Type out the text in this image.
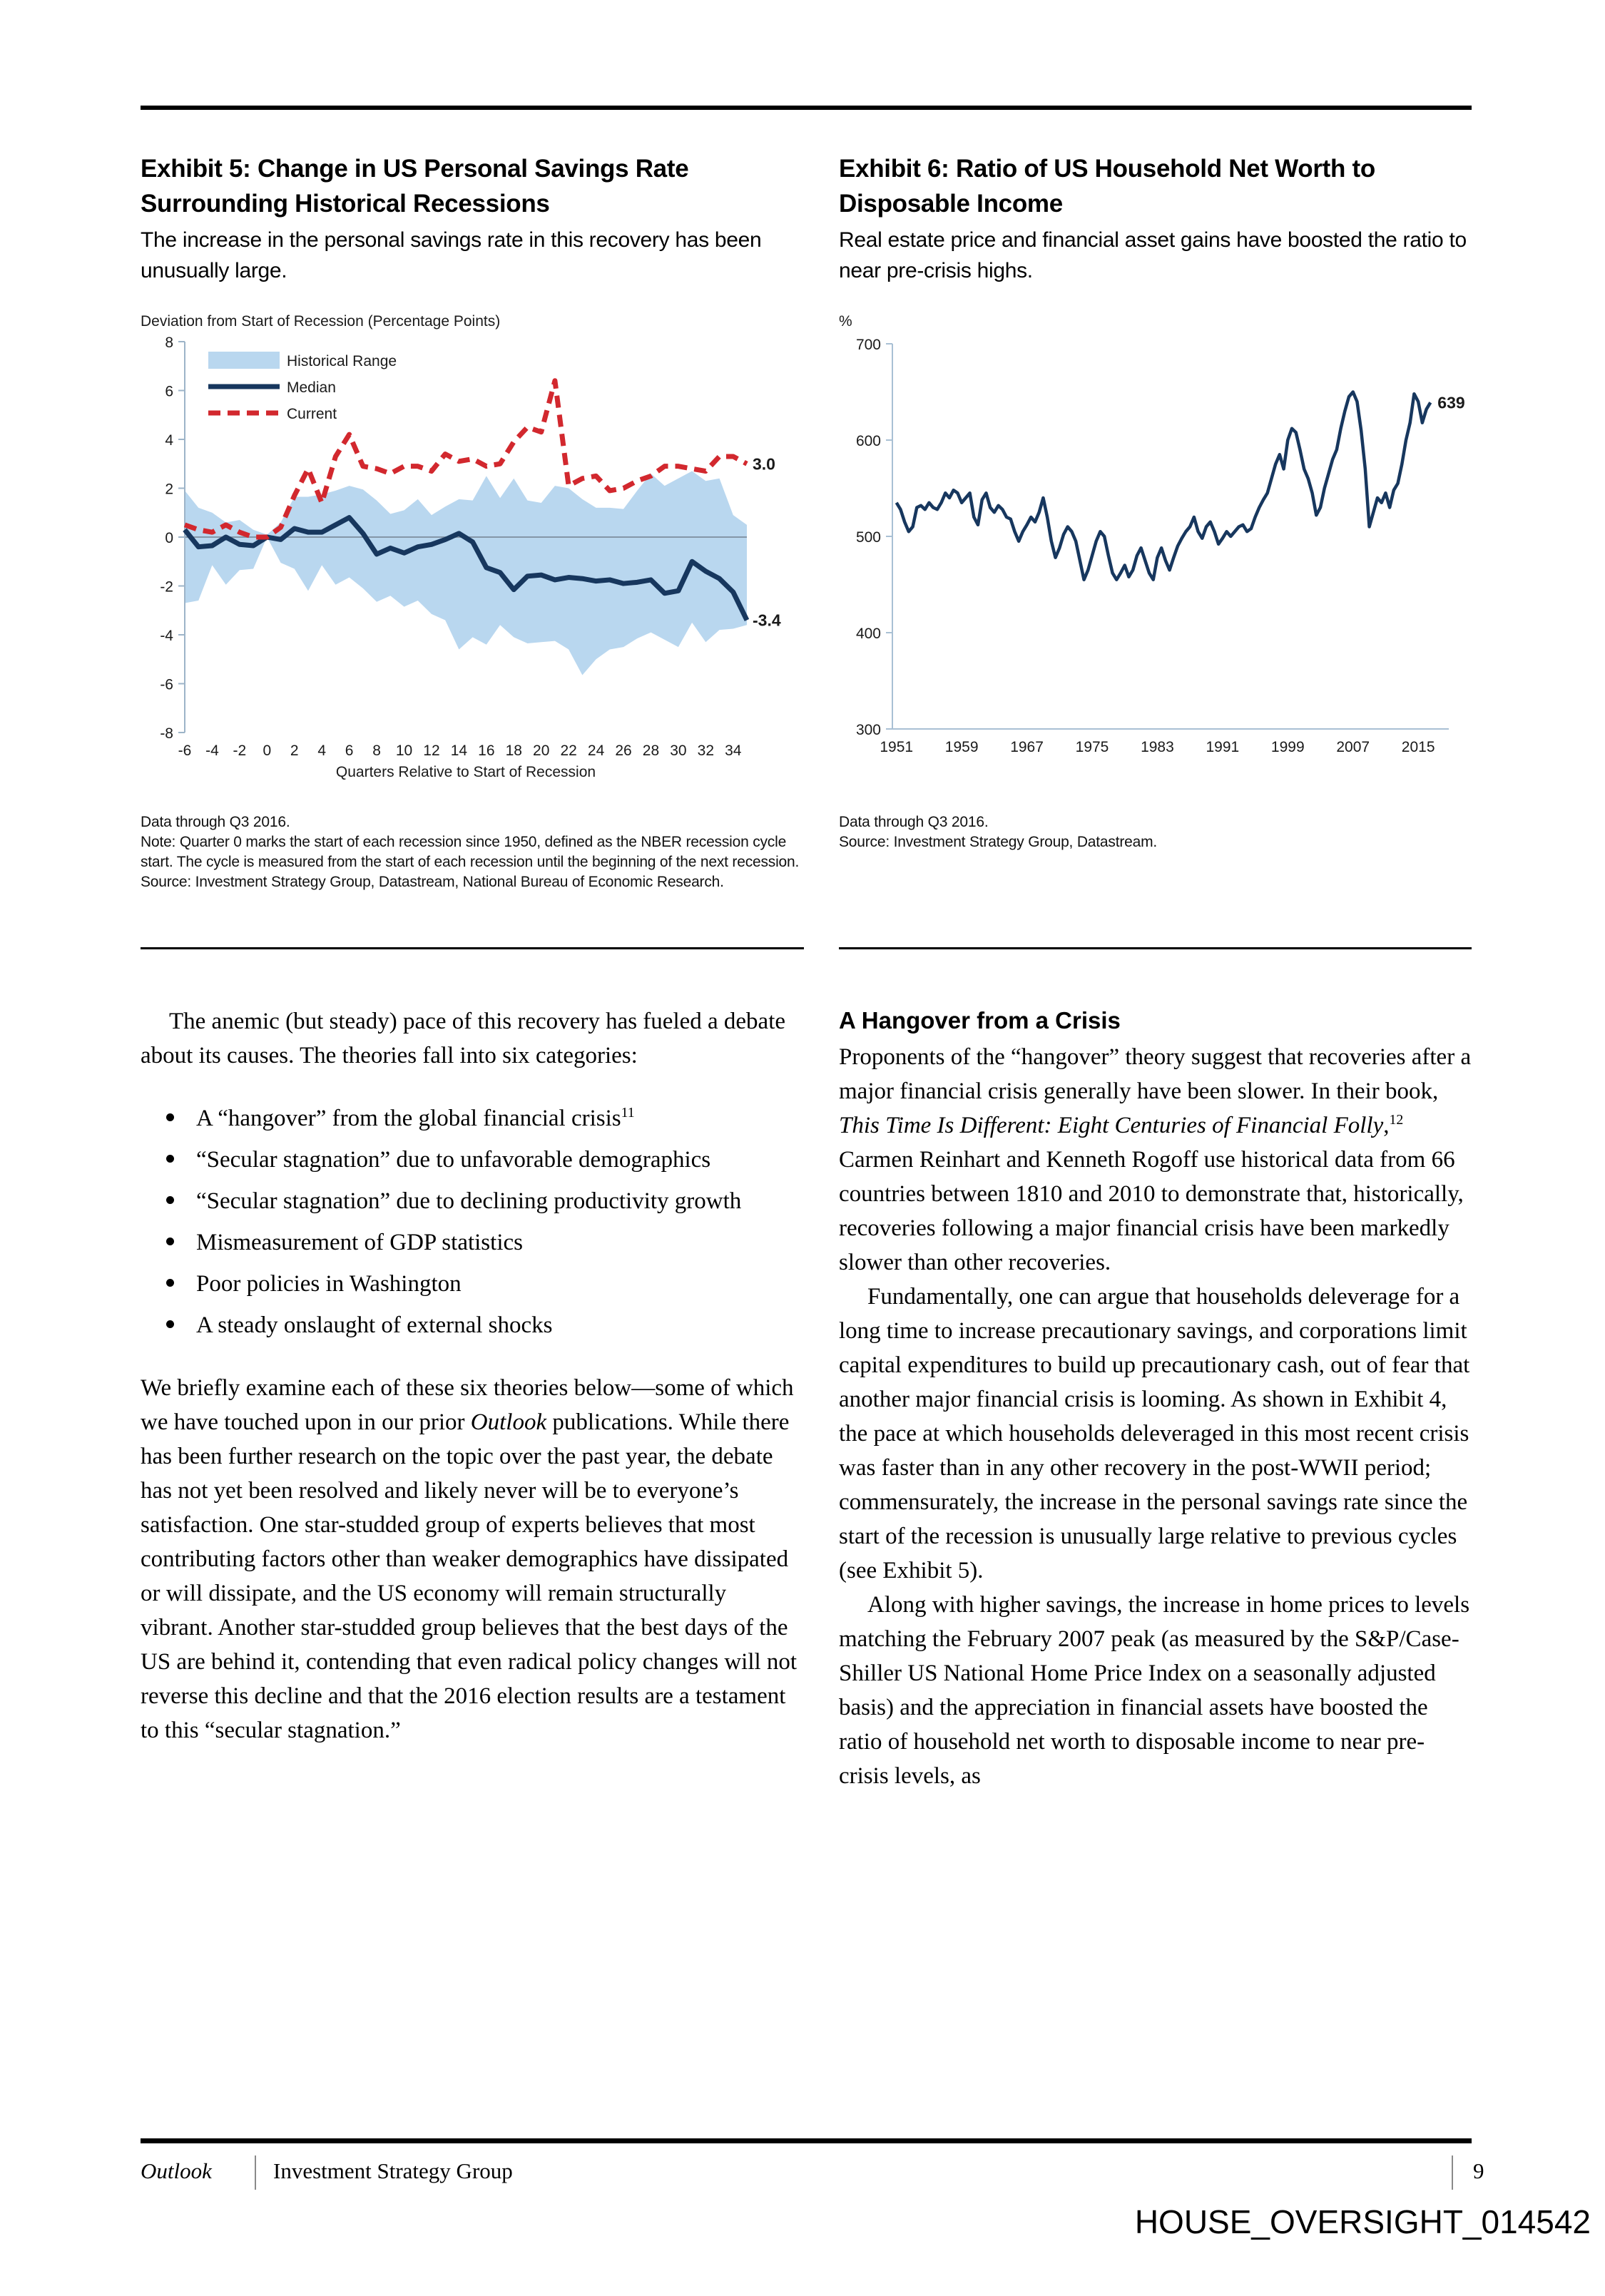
Exhibit 5: Change in US Personal Savings Rate Surrounding Historical Recessions
The increase in the personal savings rate in this recovery has been unusually large.
Deviation from Start of Recession (Percentage Points)
8
6
4
2
0
-2
-4
-6
-8
-6 -4 -2 0 2 4 6 8 10 12 14 16 18 20 22 24 26 28 30 32 34
Quarters Relative to Start of Recession
Historical Range
Median
Current
3.0
-3.4
Data through Q3 2016.
Note: Quarter 0 marks the start of each recession since 1950, defined as the NBER recession cycle start. The cycle is measured from the start of each recession until the beginning of the next recession.
Source: Investment Strategy Group, Datastream, National Bureau of Economic Research.
Exhibit 6: Ratio of US Household Net Worth to Disposable Income
Real estate price and financial asset gains have boosted the ratio to near pre-crisis highs.
%
700
600
500
400
300
1951 1959 1967 1975 1983 1991 1999 2007 2015
639
Data through Q3 2016.
Source: Investment Strategy Group, Datastream.

The anemic (but steady) pace of this recovery has fueled a debate about its causes. The theories fall into six categories:

A “hangover” from the global financial crisis$^{11}$
“Secular stagnation” due to unfavorable demographics
“Secular stagnation” due to declining productivity growth
Mismeasurement of GDP statistics
Poor policies in Washington
A steady onslaught of external shocks

We briefly examine each of these six theories below—some of which we have touched upon in our prior Outlook publications. While there has been further research on the topic over the past year, the debate has not yet been resolved and likely never will be to everyone’s satisfaction. One star-studded group of experts believes that most contributing factors other than weaker demographics have dissipated or will dissipate, and the US economy will remain structurally vibrant. Another star-studded group believes that the best days of the US are behind it, contending that even radical policy changes will not reverse this decline and that the 2016 election results are a testament to this “secular stagnation.”

A Hangover from a Crisis

Proponents of the “hangover” theory suggest that recoveries after a major financial crisis generally have been slower. In their book, This Time Is Different: Eight Centuries of Financial Folly,$^{12}$ Carmen Reinhart and Kenneth Rogoff use historical data from 66 countries between 1810 and 2010 to demonstrate that, historically, recoveries following a major financial crisis have been markedly slower than other recoveries.

Fundamentally, one can argue that households deleverage for a long time to increase precautionary savings, and corporations limit capital expenditures to build up precautionary cash, out of fear that another major financial crisis is looming. As shown in Exhibit 4, the pace at which households deleveraged in this most recent crisis was faster than in any other recovery in the post-WWII period; commensurately, the increase in the personal savings rate since the start of the recession is unusually large relative to previous cycles (see Exhibit 5).

Along with higher savings, the increase in home prices to levels matching the February 2007 peak (as measured by the S&P/Case-Shiller US National Home Price Index on a seasonally adjusted basis) and the appreciation in financial assets have boosted the ratio of household net worth to disposable income to near pre-crisis levels, as

Outlook	Investment Strategy Group	9
HOUSE_OVERSIGHT_014542
